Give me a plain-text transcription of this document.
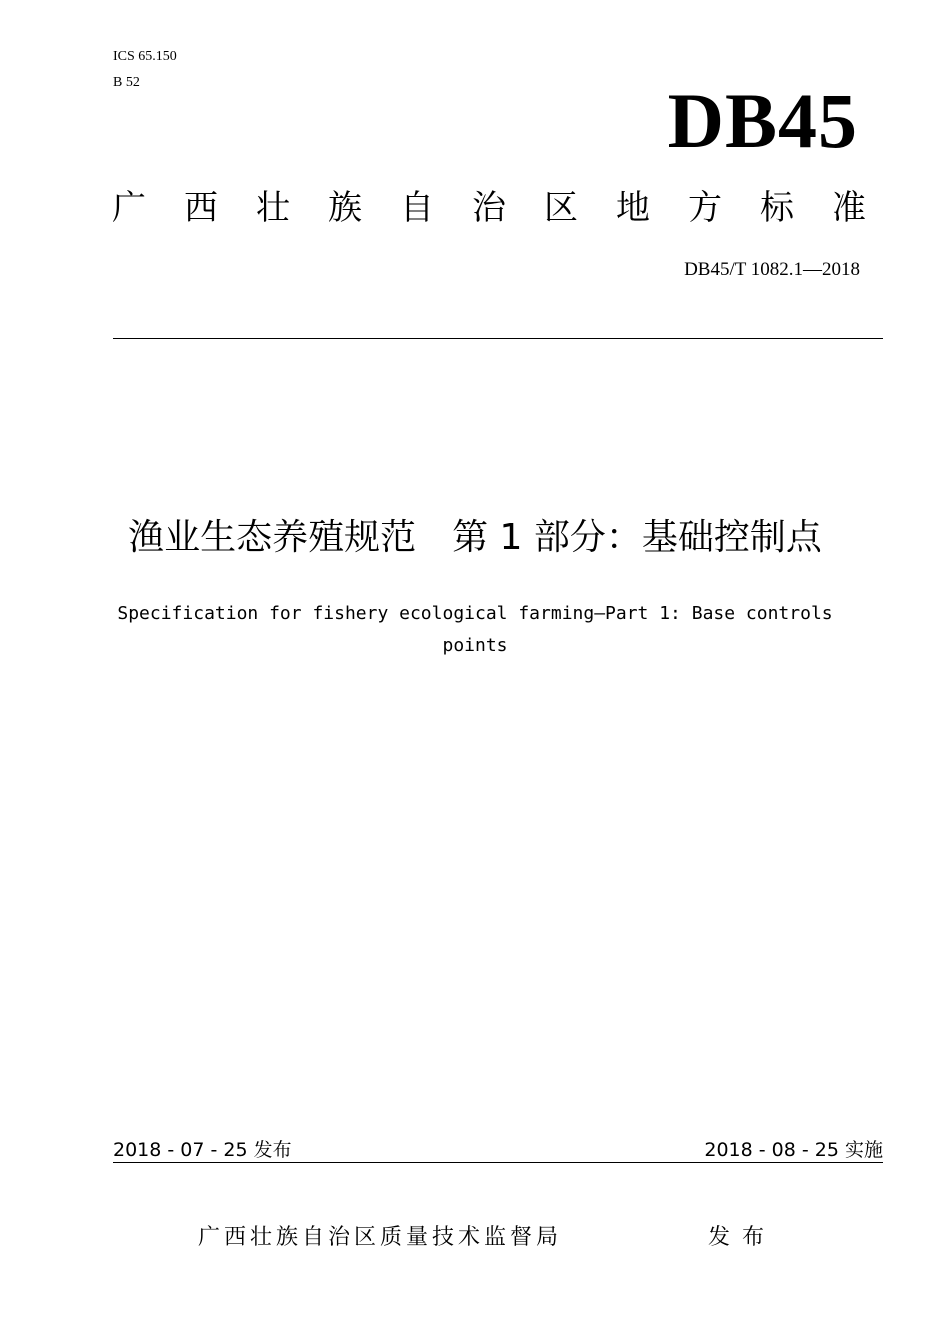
ICS 65.150
B 52	DB45
广西壮族自治区地方标准
DB45/T 1082.1—2018
渔业生态养殖规范　第 1 部分：基础控制点
Specification for fishery ecological farming—Part 1: Base controls points
2018 - 07 - 25 发布	2018 - 08 - 25 实施
广西壮族自治区质量技术监督局	发布
